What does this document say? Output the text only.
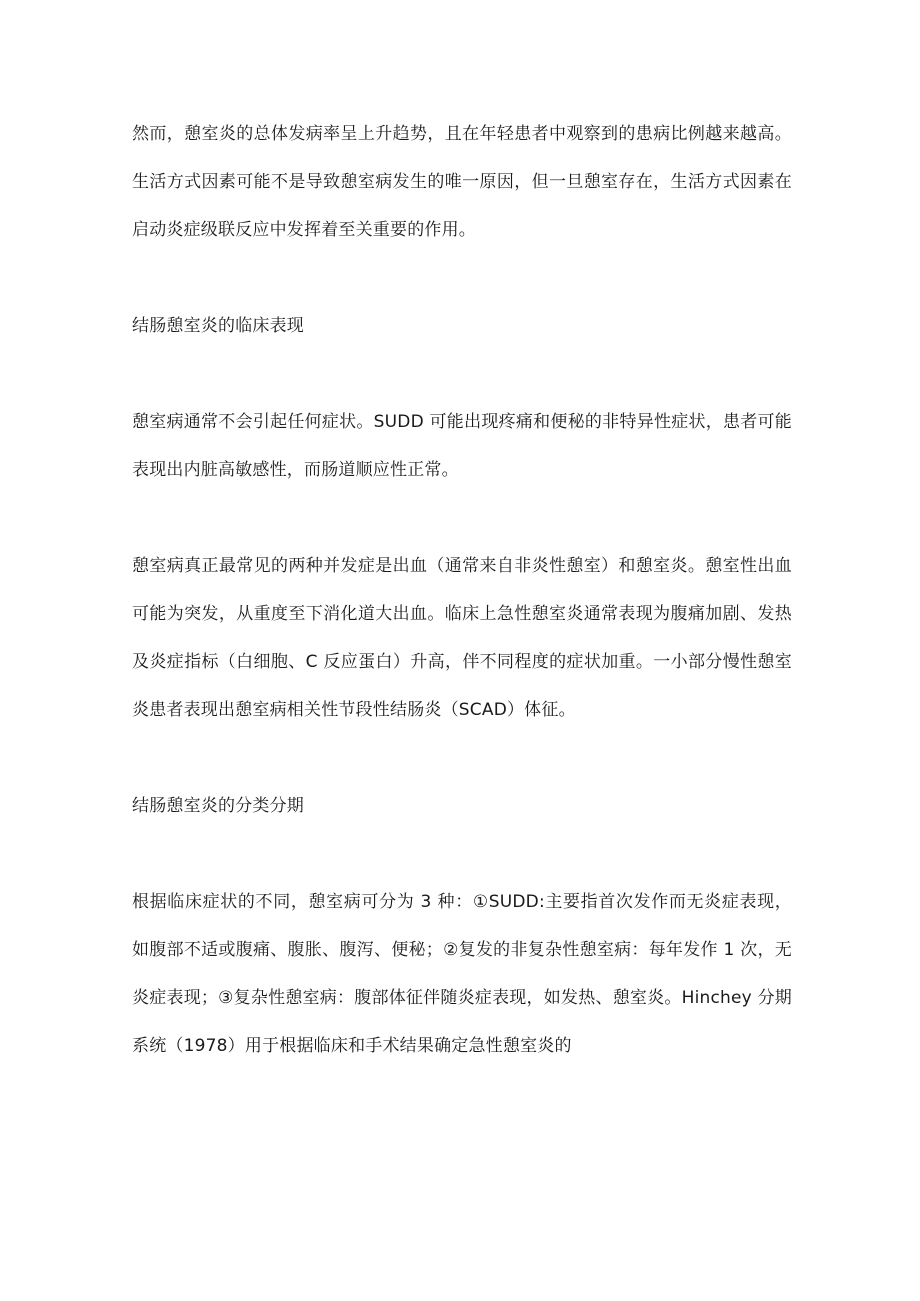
然而，憩室炎的总体发病率呈上升趋势，且在年轻患者中观察到的患病比例越来越高。生活方式因素可能不是导致憩室病发生的唯一原因，但一旦憩室存在，生活方式因素在启动炎症级联反应中发挥着至关重要的作用。

结肠憩室炎的临床表现

憩室病通常不会引起任何症状。SUDD 可能出现疼痛和便秘的非特异性症状，患者可能表现出内脏高敏感性，而肠道顺应性正常。

憩室病真正最常见的两种并发症是出血（通常来自非炎性憩室）和憩室炎。憩室性出血可能为突发，从重度至下消化道大出血。临床上急性憩室炎通常表现为腹痛加剧、发热及炎症指标（白细胞、C 反应蛋白）升高，伴不同程度的症状加重。一小部分慢性憩室炎患者表现出憩室病相关性节段性结肠炎（SCAD）体征。

结肠憩室炎的分类分期

根据临床症状的不同，憩室病可分为 3 种：①SUDD:主要指首次发作而无炎症表现，如腹部不适或腹痛、腹胀、腹泻、便秘；②复发的非复杂性憩室病：每年发作 1 次，无炎症表现；③复杂性憩室病：腹部体征伴随炎症表现，如发热、憩室炎。Hinchey 分期系统（1978）用于根据临床和手术结果确定急性憩室炎的
